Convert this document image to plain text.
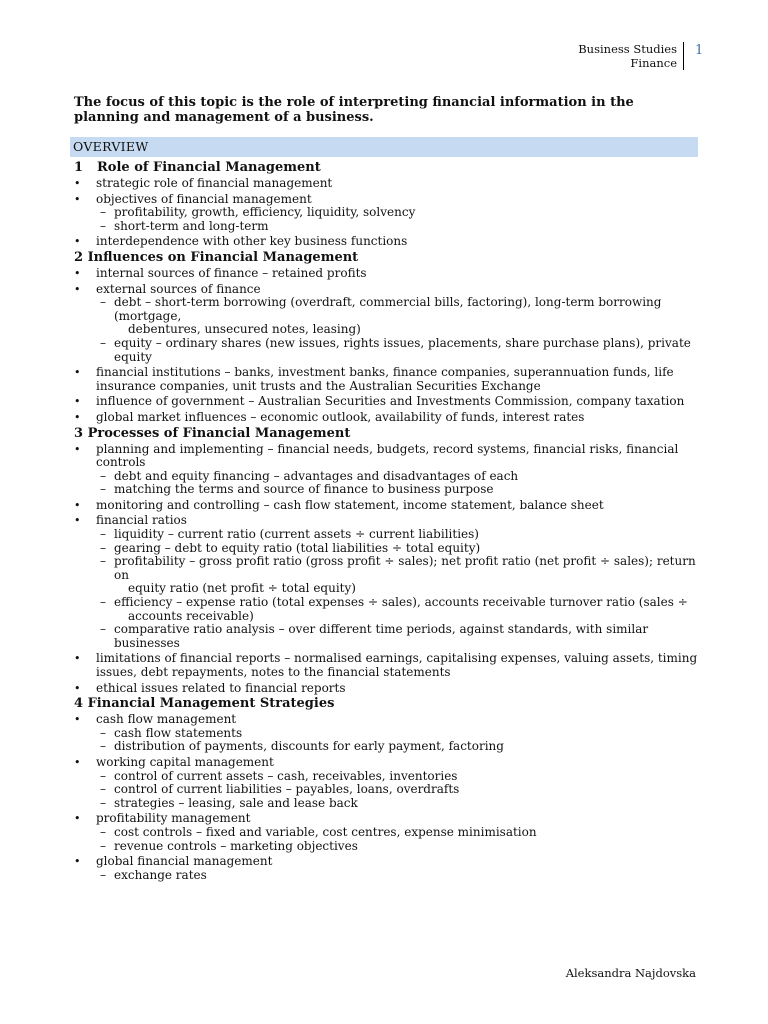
Business Studies
Finance
1
The focus of this topic is the role of interpreting financial information in the planning and management of a business.
OVERVIEW
1 Role of Financial Management
• strategic role of financial management
• objectives of financial management
– profitability, growth, efficiency, liquidity, solvency
– short-term and long-term
• interdependence with other key business functions
2 Influences on Financial Management
• internal sources of finance – retained profits
• external sources of finance
– debt – short-term borrowing (overdraft, commercial bills, factoring), long-term borrowing (mortgage,
debentures, unsecured notes, leasing)
– equity – ordinary shares (new issues, rights issues, placements, share purchase plans), private equity
• financial institutions – banks, investment banks, finance companies, superannuation funds, life
insurance companies, unit trusts and the Australian Securities Exchange
• influence of government – Australian Securities and Investments Commission, company taxation
• global market influences – economic outlook, availability of funds, interest rates
3 Processes of Financial Management
• planning and implementing – financial needs, budgets, record systems, financial risks, financial controls
– debt and equity financing – advantages and disadvantages of each
– matching the terms and source of finance to business purpose
• monitoring and controlling – cash flow statement, income statement, balance sheet
• financial ratios
– liquidity – current ratio (current assets ÷ current liabilities)
– gearing – debt to equity ratio (total liabilities ÷ total equity)
– profitability – gross profit ratio (gross profit ÷ sales); net profit ratio (net profit ÷ sales); return on
equity ratio (net profit ÷ total equity)
– efficiency – expense ratio (total expenses ÷ sales), accounts receivable turnover ratio (sales ÷
accounts receivable)
– comparative ratio analysis – over different time periods, against standards, with similar businesses
• limitations of financial reports – normalised earnings, capitalising expenses, valuing assets, timing
issues, debt repayments, notes to the financial statements
• ethical issues related to financial reports
4 Financial Management Strategies
• cash flow management
– cash flow statements
– distribution of payments, discounts for early payment, factoring
• working capital management
– control of current assets – cash, receivables, inventories
– control of current liabilities – payables, loans, overdrafts
– strategies – leasing, sale and lease back
• profitability management
– cost controls – fixed and variable, cost centres, expense minimisation
– revenue controls – marketing objectives
• global financial management
– exchange rates
Aleksandra Najdovska
